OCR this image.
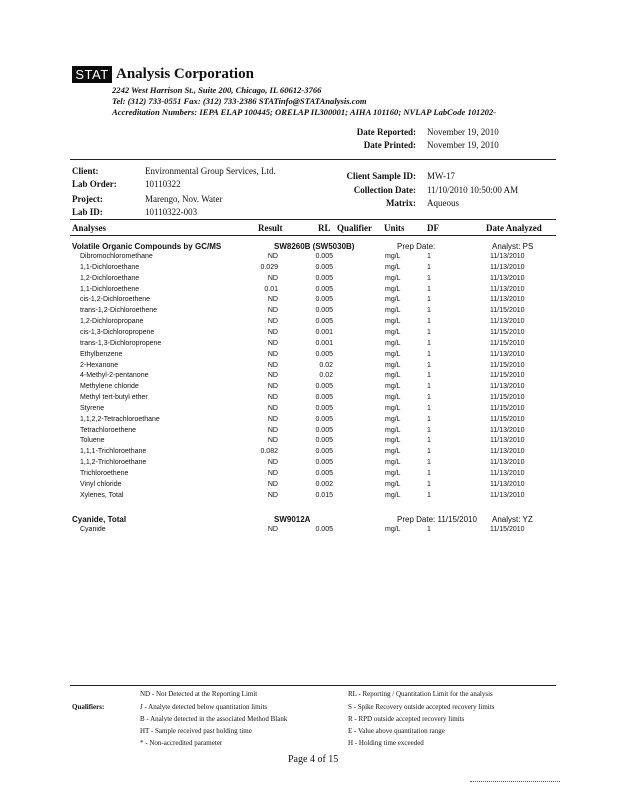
STAT Analysis Corporation
2242 West Harrison St., Suite 200, Chicago, IL 60612-3766
Tel: (312) 733-0551 Fax: (312) 733-2386 STATinfo@STATAnalysis.com
Accreditation Numbers: IEPA ELAP 100445; ORELAP IL300001; AIHA 101160; NVLAP LabCode 101202-
Date Reported: November 19, 2010
Date Printed: November 19, 2010
Client:	Environmental Group Services, Ltd.
Lab Order:	10110322
Project:	Marengo, Nov. Water
Lab ID:	10110322-003
Client Sample ID: MW-17
Collection Date: 11/10/2010 10:50:00 AM
Matrix: Aqueous
Analyses	Result	RL Qualifier Units DF	Date Analyzed
Volatile Organic Compounds by GC/MS	SW8260B (SW5030B)	Prep Date:	Analyst: PS
Dibromochloromethane	ND	0.005	mg/L	1	11/13/2010
1,1-Dichloroethane	0.029	0.005	mg/L	1	11/13/2010
1,2-Dichloroethane	ND	0.005	mg/L	1	11/13/2010
1,1-Dichloroethene	0.01	0.005	mg/L	1	11/13/2010
cis-1,2-Dichloroethene	ND	0.005	mg/L	1	11/13/2010
trans-1,2-Dichloroethene	ND	0.005	mg/L	1	11/15/2010
1,2-Dichloropropane	ND	0.005	mg/L	1	11/13/2010
cis-1,3-Dichloropropene	ND	0.001	mg/L	1	11/15/2010
trans-1,3-Dichloropropene	ND	0.001	mg/L	1	11/15/2010
Ethylbenzene	ND	0.005	mg/L	1	11/13/2010
2-Hexanone	ND	0.02	mg/L	1	11/15/2010
4-Methyl-2-pentanone	ND	0.02	mg/L	1	11/15/2010
Methylene chloride	ND	0.005	mg/L	1	11/13/2010
Methyl tert-butyl ether	ND	0.005	mg/L	1	11/15/2010
Styrene	ND	0.005	mg/L	1	11/15/2010
1,1,2,2-Tetrachloroethane	ND	0.005	mg/L	1	11/15/2010
Tetrachloroethene	ND	0.005	mg/L	1	11/13/2010
Toluene	ND	0.005	mg/L	1	11/13/2010
1,1,1-Trichloroethane	0.082	0.005	mg/L	1	11/13/2010
1,1,2-Trichloroethane	ND	0.005	mg/L	1	11/13/2010
Trichloroethene	ND	0.005	mg/L	1	11/13/2010
Vinyl chloride	ND	0.002	mg/L	1	11/13/2010
Xylenes, Total	ND	0.015	mg/L	1	11/13/2010
Cyanide, Total	SW9012A	Prep Date: 11/15/2010 Analyst: YZ
Cyanide	ND	0.005	mg/L	1	11/15/2010
Qualifiers:
ND - Not Detected at the Reporting Limit
J - Analyte detected below quantitation limits
B - Analyte detected in the associated Method Blank
HT - Sample received past holding time
* - Non-accredited parameter
RL - Reporting / Quantitation Limit for the analysis
S - Spike Recovery outside accepted recovery limits
R - RPD outside accepted recovery limits
E - Value above quantitation range
H - Holding time exceeded
Page 4 of 15
